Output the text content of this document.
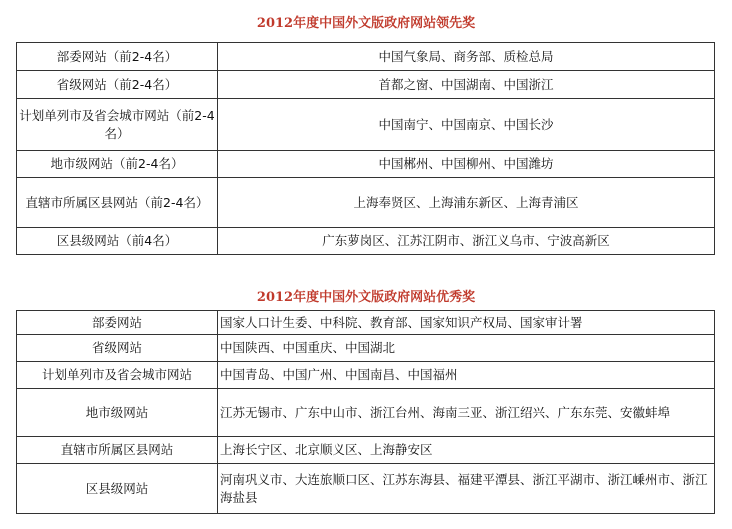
2012年度中国外文版政府网站领先奖
部委网站（前2-4名）	中国气象局、商务部、质检总局
省级网站（前2-4名）	首都之窗、中国湖南、中国浙江
计划单列市及省会城市网站（前2-4名）	中国南宁、中国南京、中国长沙
地市级网站（前2-4名）	中国郴州、中国柳州、中国潍坊
直辖市所属区县网站（前2-4名）	上海奉贤区、上海浦东新区、上海青浦区
区县级网站（前4名）	广东萝岗区、江苏江阴市、浙江义乌市、宁波高新区
2012年度中国外文版政府网站优秀奖
部委网站	国家人口计生委、中科院、教育部、国家知识产权局、国家审计署
省级网站	中国陕西、中国重庆、中国湖北
计划单列市及省会城市网站	中国青岛、中国广州、中国南昌、中国福州
地市级网站	江苏无锡市、广东中山市、浙江台州、海南三亚、浙江绍兴、广东东莞、安徽蚌埠
直辖市所属区县网站	上海长宁区、北京顺义区、上海静安区
区县级网站	河南巩义市、大连旅顺口区、江苏东海县、福建平潭县、浙江平湖市、浙江嵊州市、浙江海盐县
